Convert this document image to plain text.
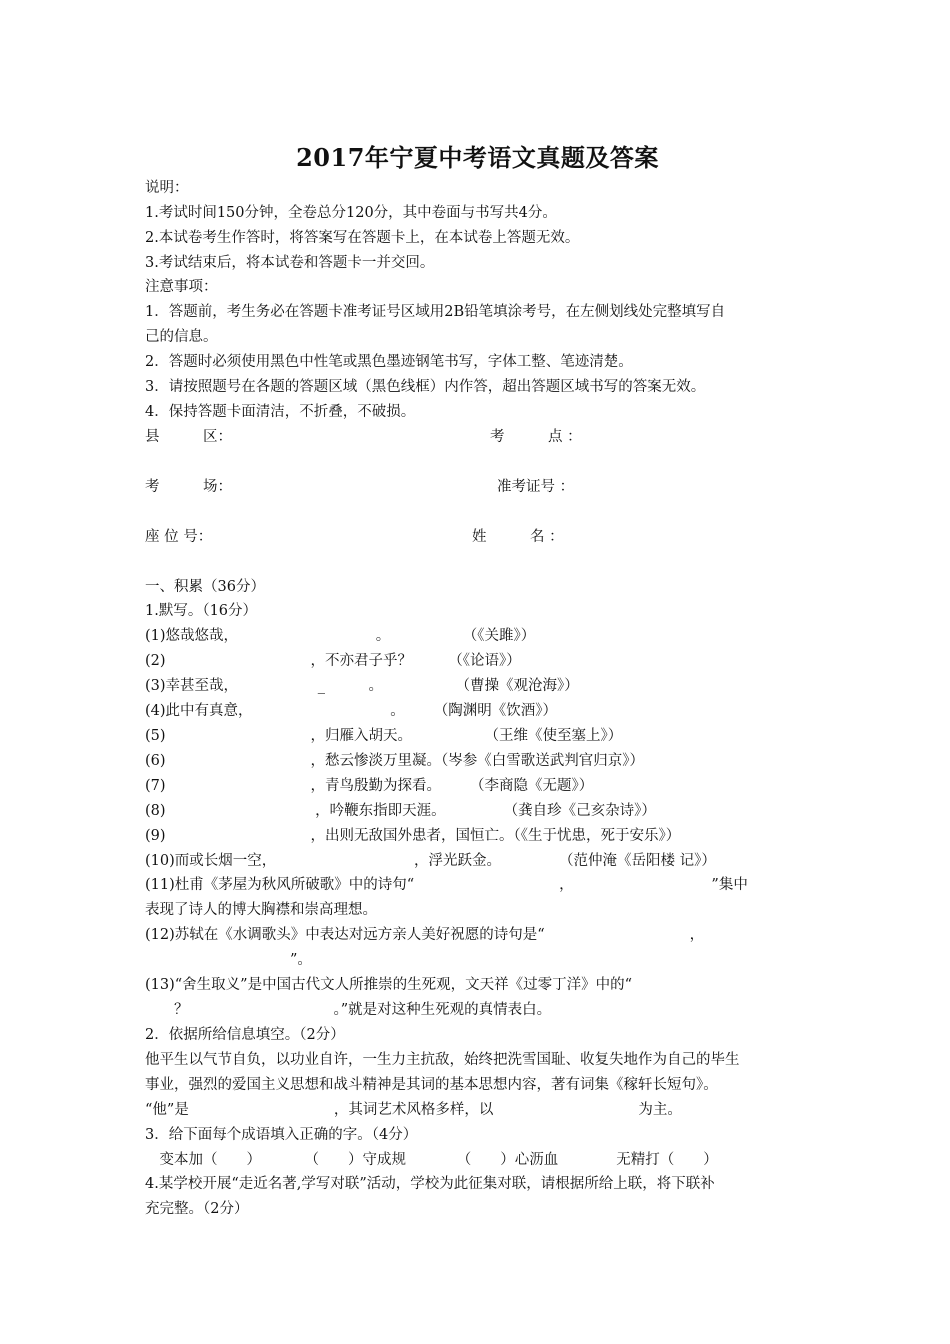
2017年宁夏中考语文真题及答案
说明：
1.考试时间150分钟，全卷总分120分，其中卷面与书写共4分。
2.本试卷考生作答时，将答案写在答题卡上，在本试卷上答题无效。
3.考试结束后，将本试卷和答题卡一并交回。
注意事项：
1．答题前，考生务必在答题卡准考证号区域用2B铅笔填涂考号，在左侧划线处完整填写自
己的信息。
2．答题时必须使用黑色中性笔或黑色墨迹钢笔书写，字体工整、笔迹清楚。
3．请按照题号在各题的答题区域（黑色线框）内作答，超出答题区域书写的答案无效。
4．保持答题卡面清洁，不折叠，不破损。
县　　　区：	考　　　点 ：
考　　　场：	准考证号 ：
座 位 号：	姓　　　名 ：
一、积累（36分）
1.默写。（16分）
(1)悠哉悠哉，　　　　　　　　　　。　　　　　　（《关雎》）
(2)　　　　　　　　　　，不亦君子乎？　　　（《论语》）
(3)幸甚至哉，　　　　　　_　　　。　　　　　　（曹操《观沧海》）
(4)此中有真意，　　　　　　　　　　。　　　（陶渊明《饮酒》）
(5)　　　　　　　　　　，归雁入胡天。　　　　　　（王维《使至塞上》）
(6)　　　　　　　　　　，愁云惨淡万里凝。（岑参《白雪歌送武判官归京》）
(7)　　　　　　　　　　，青鸟殷勤为探看。　　　（李商隐《无题》）
(8)　　　　　　　　　　 ，吟鞭东指即天涯。　　　　　（龚自珍《己亥杂诗》）
(9)　　　　　　　　　　，出则无敌国外患者，国恒亡。（《生于忧患，死于安乐》）
(10)而或长烟一空，　　　　　　　　　　，浮光跃金。　　　　　（范仲淹《岳阳楼 记》）
(11)杜甫《茅屋为秋风所破歌》中的诗句“　　　　　　　　　　，　　　　　　　　　　”集中
表现了诗人的博大胸襟和崇高理想。
(12)苏轼在《水调歌头》中表达对远方亲人美好祝愿的诗句是“　　　　　　　　　　，
　　　　　　　　　　”。
(13)“舍生取义”是中国古代文人所推崇的生死观，文天祥《过零丁洋》中的“
　　？　　　　　　　　　　。”就是对这种生死观的真情表白。
2．依据所给信息填空。（2分）
他平生以气节自负，以功业自许，一生力主抗敌，始终把洗雪国耻、收复失地作为自己的毕生
事业，强烈的爱国主义思想和战斗精神是其词的基本思想内容，著有词集《稼轩长短句》。
“他”是　　　　　　　　　　，其词艺术风格多样，以　　　　　　　　　　为主。
3．给下面每个成语填入正确的字。（4分）
　变本加（　　）　　　　（　　）守成规　　　　（　　）心沥血　　　　无精打（　　）
4.某学校开展“走近名著,学写对联”活动，学校为此征集对联，请根据所给上联，将下联补
充完整。（2分）
